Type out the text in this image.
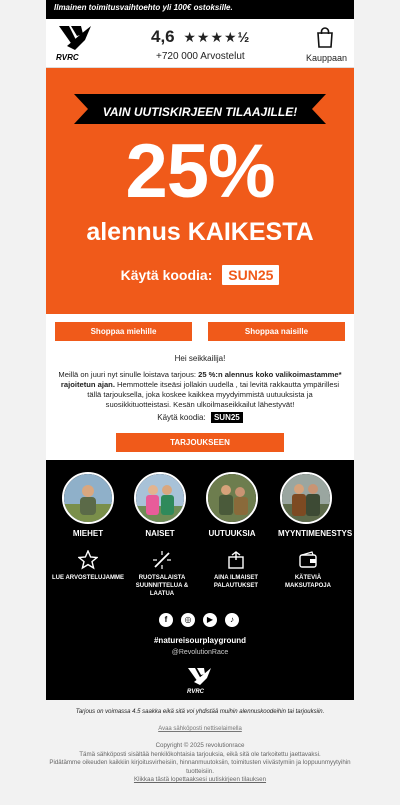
Ilmainen toimitusvaihtoehto yli 100€ ostoksille.
RVRC
4,6 ★★★★½
+720 000 Arvostelut	Kauppaan
VAIN UUTISKIRJEEN TILAAJILLE!
25%
alennus KAIKESTA
Käytä koodia: SUN25
Shoppaa miehille	Shoppaa naisille
Hei seikkailija!
Meillä on juuri nyt sinulle loistava tarjous: 25 %:n alennus koko valikoimastamme* rajoitetun ajan. Hemmottele itseäsi jollakin uudella , tai levitä rakkautta ympärillesi tällä tarjouksella, joka koskee kaikkea myydyimmistä uutuuksista ja suosikkituotteistasi. Kesän ulkoilmaseikkailut lähestyvät!
Käytä koodia: SUN25
TARJOUKSEEN
MIEHET	NAISET	UUTUUKSIA	MYYNTIMENESTYS
LUE ARVOSTELUJAMME	RUOTSALAISTA SUUNNITTELUA & LAATUA
AINA ILMAISET PALAUTUKSET
KÄTEVIÄ MAKSUTAPOJA
f	◎	▶	♪
#natureisourplayground
@RevolutionRace
RVRC
Tarjous on voimassa 4.5 saakka eikä sitä voi yhdistää muihin alennuskoodeihin tai tarjouksiin.
Avaa sähköposti nettiselaimella
Copyright © 2025 revolutionrace
Tämä sähköposti sisältää henkilökohtaisia tarjouksia, eikä sitä ole tarkoitettu jaettavaksi.
Pidätämme oikeuden kaikkiin kirjoitusvirheisiin, hinnanmuutoksiin, toimitusten viivästymiin ja loppuunmyytyihin tuotteisiin.
Klikkaa tästä lopettaaksesi uutiskirjeen tilauksen
